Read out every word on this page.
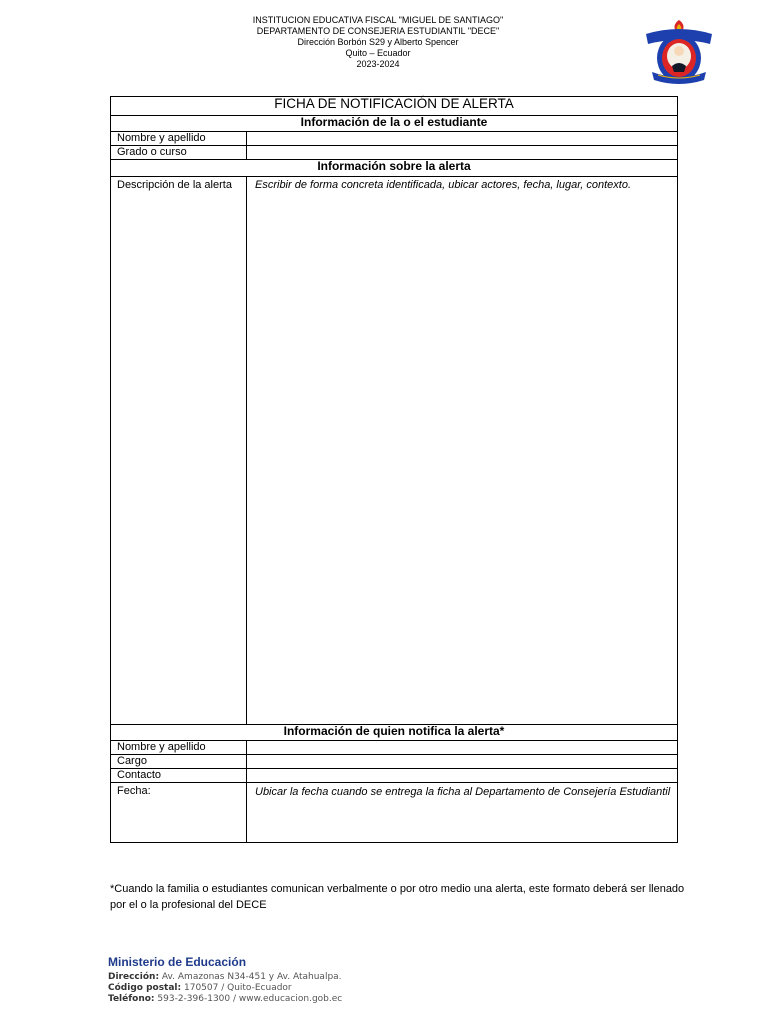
INSTITUCION EDUCATIVA FISCAL "MIGUEL DE SANTIAGO"
DEPARTAMENTO DE CONSEJERIA ESTUDIANTIL "DECE"
Dirección Borbón S29 y Alberto Spencer
Quito – Ecuador
2023-2024
FICHA DE NOTIFICACIÓN DE ALERTA	
Información de la o el estudiante	
Nombre y apellido	
Grado o curso	
Información sobre la alerta	
Descripción de la alerta	Escribir de forma concreta identificada, ubicar actores, fecha, lugar, contexto.
Información de quien notifica la alerta*	
Nombre y apellido	
Cargo	
Contacto	
Fecha:	Ubicar la fecha cuando se entrega la ficha al Departamento de Consejería Estudiantil
*Cuando la familia o estudiantes comunican verbalmente o por otro medio una alerta, este formato deberá ser llenado por el o la profesional del DECE
Ministerio de Educación
Dirección: Av. Amazonas N34-451 y Av. Atahualpa.
Código postal: 170507 / Quito-Ecuador
Teléfono: 593-2-396-1300 / www.educacion.gob.ec
